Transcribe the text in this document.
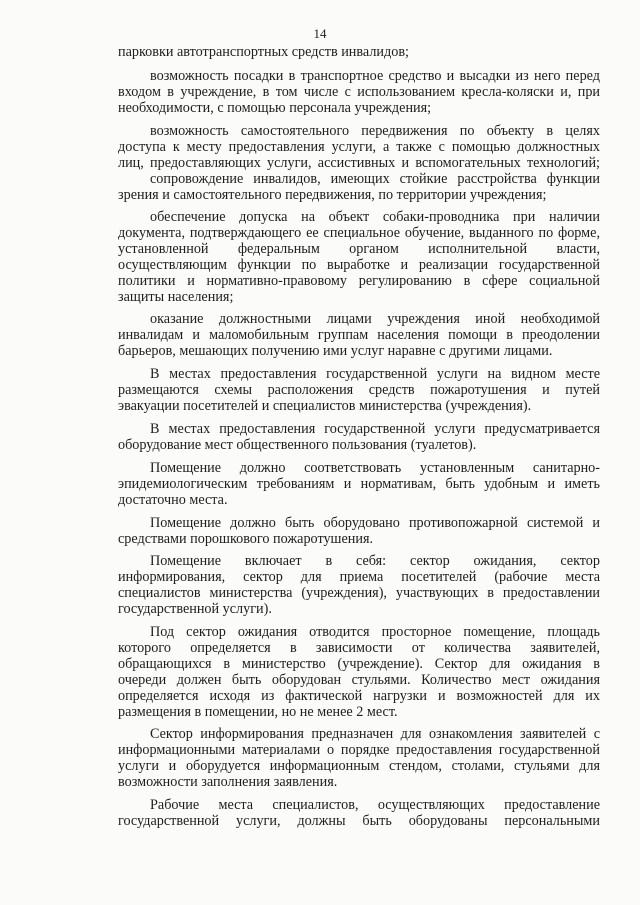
14
парковки автотранспортных средств инвалидов;
возможность посадки в транспортное средство и высадки из него перед
входом в учреждение, в том числе с использованием кресла-коляски и, при
необходимости, с помощью персонала учреждения;
возможность самостоятельного передвижения по объекту в целях
доступа к месту предоставления услуги, а также с помощью должностных
лиц, предоставляющих услуги, ассистивных и вспомогательных технологий;
сопровождение инвалидов, имеющих стойкие расстройства функции
зрения и самостоятельного передвижения, по территории учреждения;
обеспечение допуска на объект собаки-проводника при наличии
документа, подтверждающего ее специальное обучение, выданного по форме,
установленной федеральным органом исполнительной власти,
осуществляющим функции по выработке и реализации государственной
политики и нормативно-правовому регулированию в сфере социальной
защиты населения;
оказание должностными лицами учреждения иной необходимой
инвалидам и маломобильным группам населения помощи в преодолении
барьеров, мешающих получению ими услуг наравне с другими лицами.
В местах предоставления государственной услуги на видном месте
размещаются схемы расположения средств пожаротушения и путей
эвакуации посетителей и специалистов министерства (учреждения).
В местах предоставления государственной услуги предусматривается
оборудование мест общественного пользования (туалетов).
Помещение должно соответствовать установленным санитарно-
эпидемиологическим требованиям и нормативам, быть удобным и иметь
достаточно места.
Помещение должно быть оборудовано противопожарной системой и
средствами порошкового пожаротушения.
Помещение включает в себя: сектор ожидания, сектор
информирования, сектор для приема посетителей (рабочие места
специалистов министерства (учреждения), участвующих в предоставлении
государственной услуги).
Под сектор ожидания отводится просторное помещение, площадь
которого определяется в зависимости от количества заявителей,
обращающихся в министерство (учреждение). Сектор для ожидания в
очереди должен быть оборудован стульями. Количество мест ожидания
определяется исходя из фактической нагрузки и возможностей для их
размещения в помещении, но не менее 2 мест.
Сектор информирования предназначен для ознакомления заявителей с
информационными материалами о порядке предоставления государственной
услуги и оборудуется информационным стендом, столами, стульями для
возможности заполнения заявления.
Рабочие места специалистов, осуществляющих предоставление
государственной услуги, должны быть оборудованы персональными
